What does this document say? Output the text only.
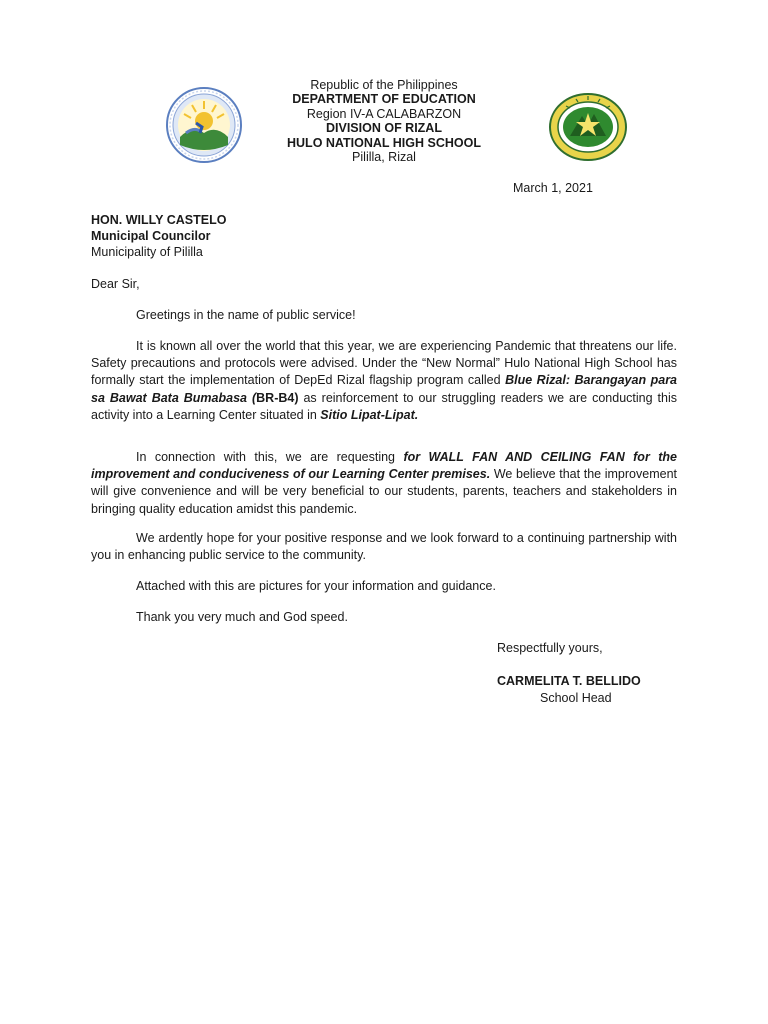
Republic of the Philippines
DEPARTMENT OF EDUCATION
Region IV-A CALABARZON
DIVISION OF RIZAL
HULO NATIONAL HIGH SCHOOL
Pililla, Rizal
March 1, 2021
HON. WILLY CASTELO
Municipal Councilor
Municipality of Pililla
Dear Sir,

Greetings in the name of public service!

It is known all over the world that this year, we are experiencing Pandemic that threatens our life. Safety precautions and protocols were advised. Under the “New Normal” Hulo National High School has formally start the implementation of DepEd Rizal flagship program called Blue Rizal: Barangayan para sa Bawat Bata Bumabasa (BR-B4) as reinforcement to our struggling readers we are conducting this activity into a Learning Center situated in Sitio Lipat-Lipat.

In connection with this, we are requesting for WALL FAN AND CEILING FAN for the improvement and conduciveness of our Learning Center premises. We believe that the improvement will give convenience and will be very beneficial to our students, parents, teachers and stakeholders in bringing quality education amidst this pandemic.

We ardently hope for your positive response and we look forward to a continuing partnership with you in enhancing public service to the community.

Attached with this are pictures for your information and guidance.

Thank you very much and God speed.

Respectfully yours,
CARMELITA T. BELLIDO
School Head
